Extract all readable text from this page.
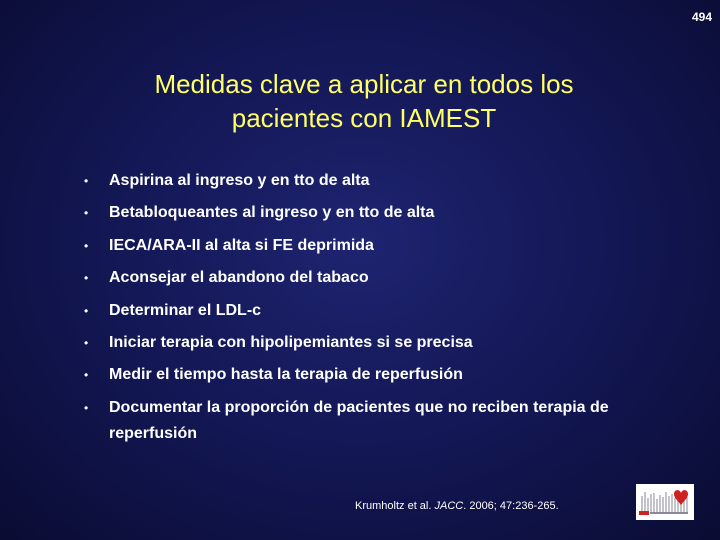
494
Medidas clave a aplicar en todos los
pacientes con IAMEST
• Aspirina al ingreso y en tto de alta
• Betabloqueantes al ingreso y en tto de alta
• IECA/ARA-II al alta si FE deprimida
• Aconsejar el abandono del tabaco
• Determinar el LDL-c
• Iniciar terapia con hipolipemiantes si se precisa
• Medir el tiempo hasta la terapia de reperfusión
• Documentar la proporción de pacientes que no reciben terapia de reperfusión
Krumholtz et al. JACC. 2006; 47:236-265.
